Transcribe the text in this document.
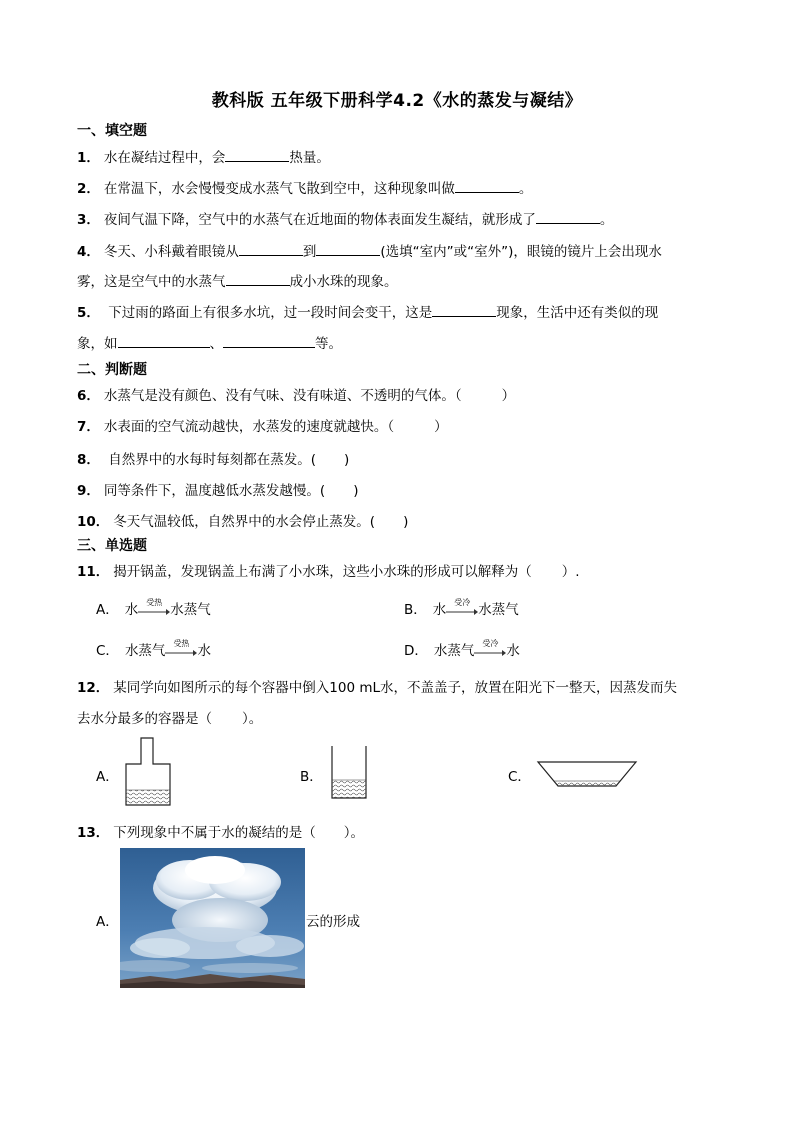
教科版 五年级下册科学4.2《水的蒸发与凝结》
一、填空题
1． 水在凝结过程中，会	热量。
2． 在常温下，水会慢慢变成水蒸气飞散到空中，这种现象叫做	。
3． 夜间气温下降，空气中的水蒸气在近地面的物体表面发生凝结，就形成了	。
4． 冬天、小科戴着眼镜从	到	(选填“室内”或“室外”)，眼镜的镜片上会出现水
雾，这是空气中的水蒸气	成小水珠的现象。
5． 下过雨的路面上有很多水坑，过一段时间会变干，这是	现象，生活中还有类似的现
象，如	、	等。
二、判断题
6． 水蒸气是没有颜色、没有气味、没有味道、不透明的气体。（	）
7． 水表面的空气流动越快，水蒸发的速度就越快。（	）
8． 自然界中的水每时每刻都在蒸发。( )
9． 同等条件下，温度越低水蒸发越慢。( )
10． 冬天气温较低，自然界中的水会停止蒸发。( )
三、单选题
11． 揭开锅盖，发现锅盖上布满了小水珠，这些小水珠的形成可以解释为（ ）.
A． 水	受热 水蒸气	B． 水	受冷 水蒸气
C． 水蒸气	受热 水	D． 水蒸气	受冷 水
12． 某同学向如图所示的每个容器中倒入100 mL水，不盖盖子，放置在阳光下一整天，因蒸发而失
去水分最多的容器是（ ）。
A．	B．	C．
13． 下列现象中不属于水的凝结的是（ ）。
A．	云的形成
